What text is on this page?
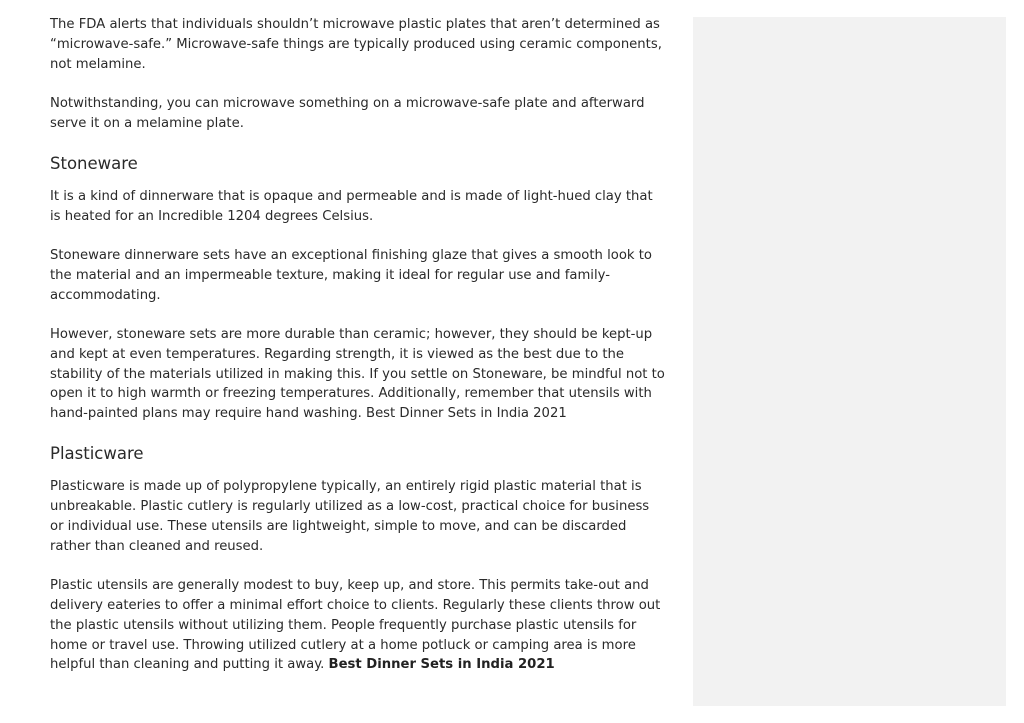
The FDA alerts that individuals shouldn’t microwave plastic plates that aren’t determined as “microwave-safe.” Microwave-safe things are typically produced using ceramic components, not melamine.

Notwithstanding, you can microwave something on a microwave-safe plate and afterward serve it on a melamine plate.

Stoneware

It is a kind of dinnerware that is opaque and permeable and is made of light-hued clay that is heated for an Incredible 1204 degrees Celsius.

Stoneware dinnerware sets have an exceptional finishing glaze that gives a smooth look to the material and an impermeable texture, making it ideal for regular use and family-accommodating.

However, stoneware sets are more durable than ceramic; however, they should be kept-up and kept at even temperatures. Regarding strength, it is viewed as the best due to the stability of the materials utilized in making this. If you settle on Stoneware, be mindful not to open it to high warmth or freezing temperatures. Additionally, remember that utensils with hand-painted plans may require hand washing. Best Dinner Sets in India 2021

Plasticware

Plasticware is made up of polypropylene typically, an entirely rigid plastic material that is unbreakable. Plastic cutlery is regularly utilized as a low-cost, practical choice for business or individual use. These utensils are lightweight, simple to move, and can be discarded rather than cleaned and reused.

Plastic utensils are generally modest to buy, keep up, and store. This permits take-out and delivery eateries to offer a minimal effort choice to clients. Regularly these clients throw out the plastic utensils without utilizing them. People frequently purchase plastic utensils for home or travel use. Throwing utilized cutlery at a home potluck or camping area is more helpful than cleaning and putting it away. Best Dinner Sets in India 2021
